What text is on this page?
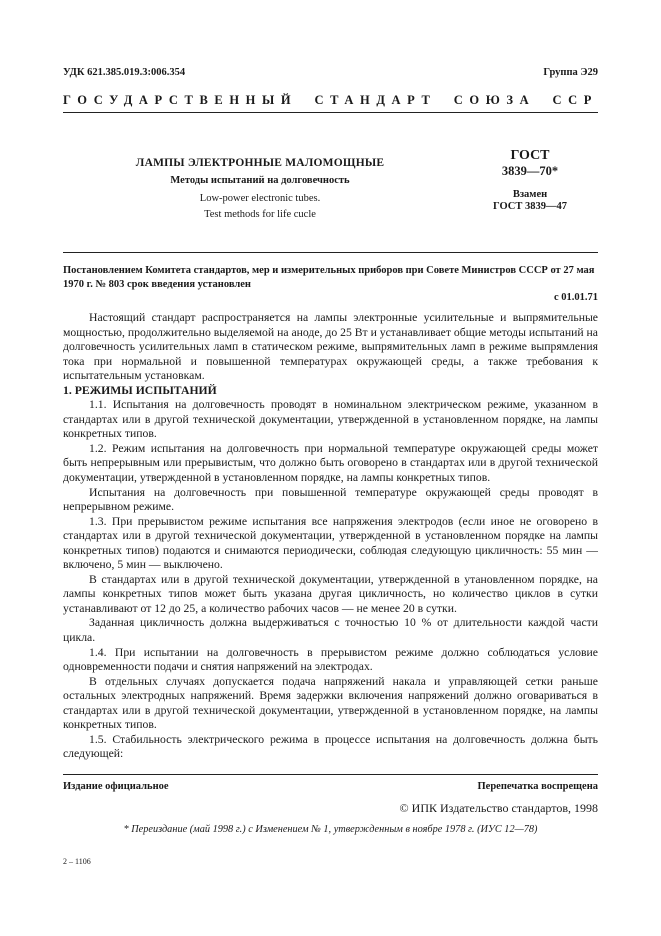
УДК 621.385.019.3:006.354	Группа Э29
ГОСУДАРСТВЕННЫЙ СТАНДАРТ СОЮЗА ССР
ЛАМПЫ ЭЛЕКТРОННЫЕ МАЛОМОЩНЫЕ
Методы испытаний на долговечность
Low-power electronic tubes.
Test methods for life cucle
ГОСТ
3839—70*
Взамен
ГОСТ 3839—47
Постановлением Комитета стандартов, мер и измерительных приборов при Совете Министров СССР от 27 мая 1970 г. № 803 срок введения установлен
с 01.01.71

Настоящий стандарт распространяется на лампы электронные усилительные и выпрямительные мощностью, продолжительно выделяемой на аноде, до 25 Вт и устанавливает общие методы испытаний на долговечность усилительных ламп в статическом режиме, выпрямительных ламп в режиме выпрямления тока при нормальной и повышенной температурах окружающей среды, а также требования к испытательным установкам.

1. РЕЖИМЫ ИСПЫТАНИЙ

1.1. Испытания на долговечность проводят в номинальном электрическом режиме, указанном в стандартах или в другой технической документации, утвержденной в установленном порядке, на лампы конкретных типов.

1.2. Режим испытания на долговечность при нормальной температуре окружающей среды может быть непрерывным или прерывистым, что должно быть оговорено в стандартах или в другой технической документации, утвержденной в установленном порядке, на лампы конкретных типов.

Испытания на долговечность при повышенной температуре окружающей среды проводят в непрерывном режиме.

1.3. При прерывистом режиме испытания все напряжения электродов (если иное не оговорено в стандартах или в другой технической документации, утвержденной в установленном порядке на лампы конкретных типов) подаются и снимаются периодически, соблюдая следующую цикличность: 55 мин — включено, 5 мин — выключено.

В стандартах или в другой технической документации, утвержденной в утановленном порядке, на лампы конкретных типов может быть указана другая цикличность, но количество циклов в сутки устанавливают от 12 до 25, а количество рабочих часов — не менее 20 в сутки.

Заданная цикличность должна выдерживаться с точностью 10 % от длительности каждой части цикла.

1.4. При испытании на долговечность в прерывистом режиме должно соблюдаться условие одновременности подачи и снятия напряжений на электродах.

В отдельных случаях допускается подача напряжений накала и управляющей сетки раньше остальных электродных напряжений. Время задержки включения напряжений должно оговариваться в стандартах или в другой технической документации, утвержденной в установленном порядке, на лампы конкретных типов.

1.5. Стабильность электрического режима в процессе испытания на долговечность должна быть следующей:

Издание официальное	Перепечатка воспрещена
© ИПК Издательство стандартов, 1998
* Переиздание (май 1998 г.) с Изменением № 1, утвержденным в ноябре 1978 г. (ИУС 12—78)
2 – 1106
